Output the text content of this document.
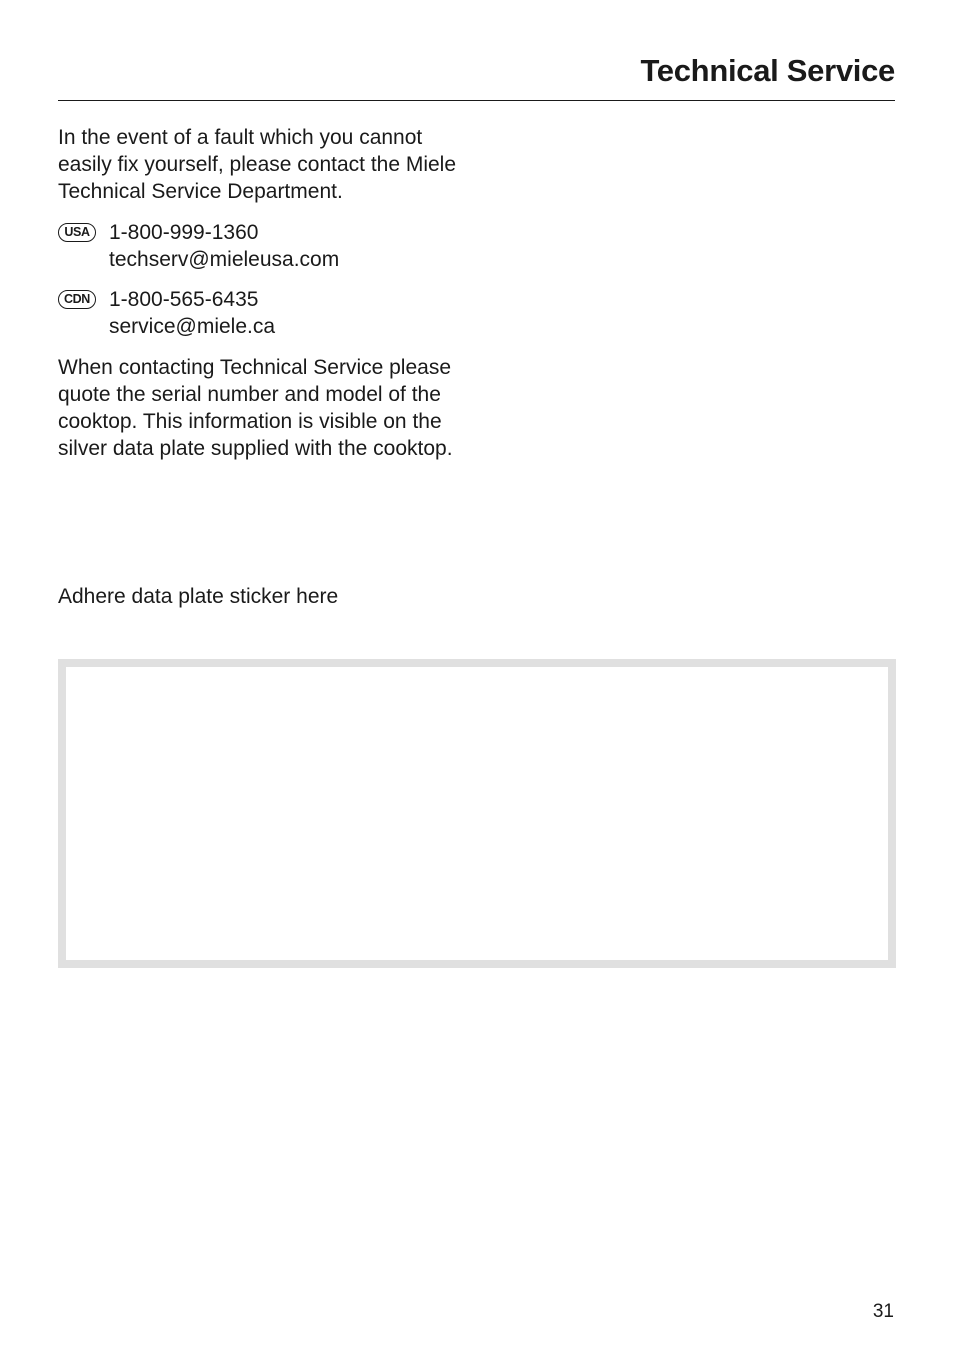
Technical Service

In the event of a fault which you cannot easily fix yourself, please contact the Miele Technical Service Department.

USA 1-800-999-1360
techserv@mieleusa.com
CDN 1-800-565-6435
service@miele.ca

When contacting Technical Service please quote the serial number and model of the cooktop. This information is visible on the silver data plate supplied with the cooktop.

Adhere data plate sticker here

31
